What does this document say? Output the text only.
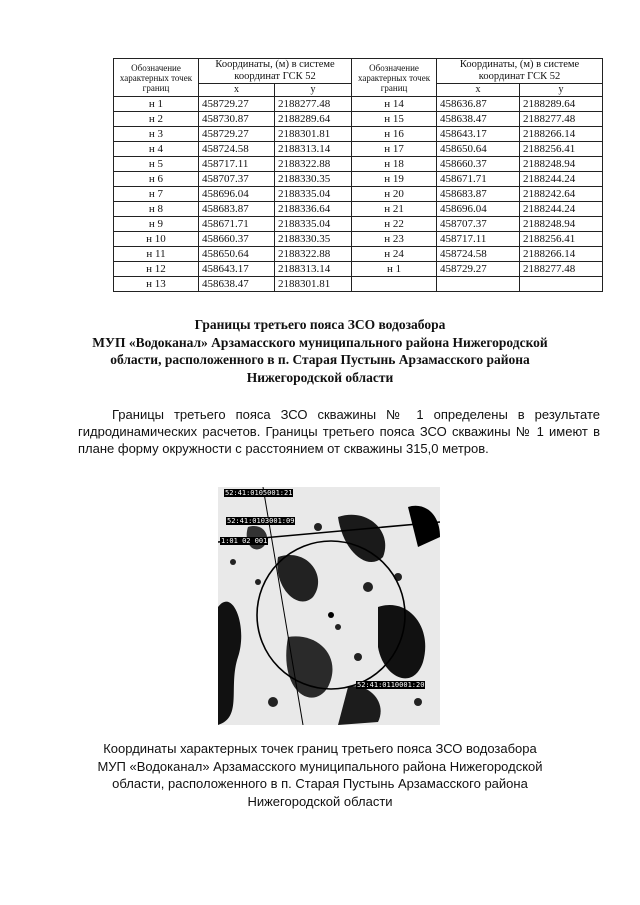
Обозначение характерных точек границ	Координаты, (м) в системе координат ГСК 52		Обозначение характерных точек границ	Координаты, (м) в системе координат ГСК 52	
	x	y		x	y
н 1	458729.27	2188277.48	н 14	458636.87	2188289.64
н 2	458730.87	2188289.64	н 15	458638.47	2188277.48
н 3	458729.27	2188301.81	н 16	458643.17	2188266.14
н 4	458724.58	2188313.14	н 17	458650.64	2188256.41
н 5	458717.11	2188322.88	н 18	458660.37	2188248.94
н 6	458707.37	2188330.35	н 19	458671.71	2188244.24
н 7	458696.04	2188335.04	н 20	458683.87	2188242.64
н 8	458683.87	2188336.64	н 21	458696.04	2188244.24
н 9	458671.71	2188335.04	н 22	458707.37	2188248.94
н 10	458660.37	2188330.35	н 23	458717.11	2188256.41
н 11	458650.64	2188322.88	н 24	458724.58	2188266.14
н 12	458643.17	2188313.14	н 1	458729.27	2188277.48
н 13	458638.47	2188301.81			

Границы третьего пояса ЗСО водозабора
МУП «Водоканал» Арзамасского муниципального района Нижегородской
области, расположенного в п. Старая Пустынь Арзамасского района
Нижегородской области

Границы третьего пояса ЗСО скважины № 1 определены в результате гидродинамических расчетов. Границы третьего пояса ЗСО скважины № 1 имеют в плане форму окружности с расстоянием от скважины 315,0 метров.

52:41:0105001:21
52:41:0103001:09
1:01 02 001
52:41:0110001:20

Координаты характерных точек границ третьего пояса ЗСО водозабора
МУП «Водоканал» Арзамасского муниципального района Нижегородской
области, расположенного в п. Старая Пустынь Арзамасского района
Нижегородской области
